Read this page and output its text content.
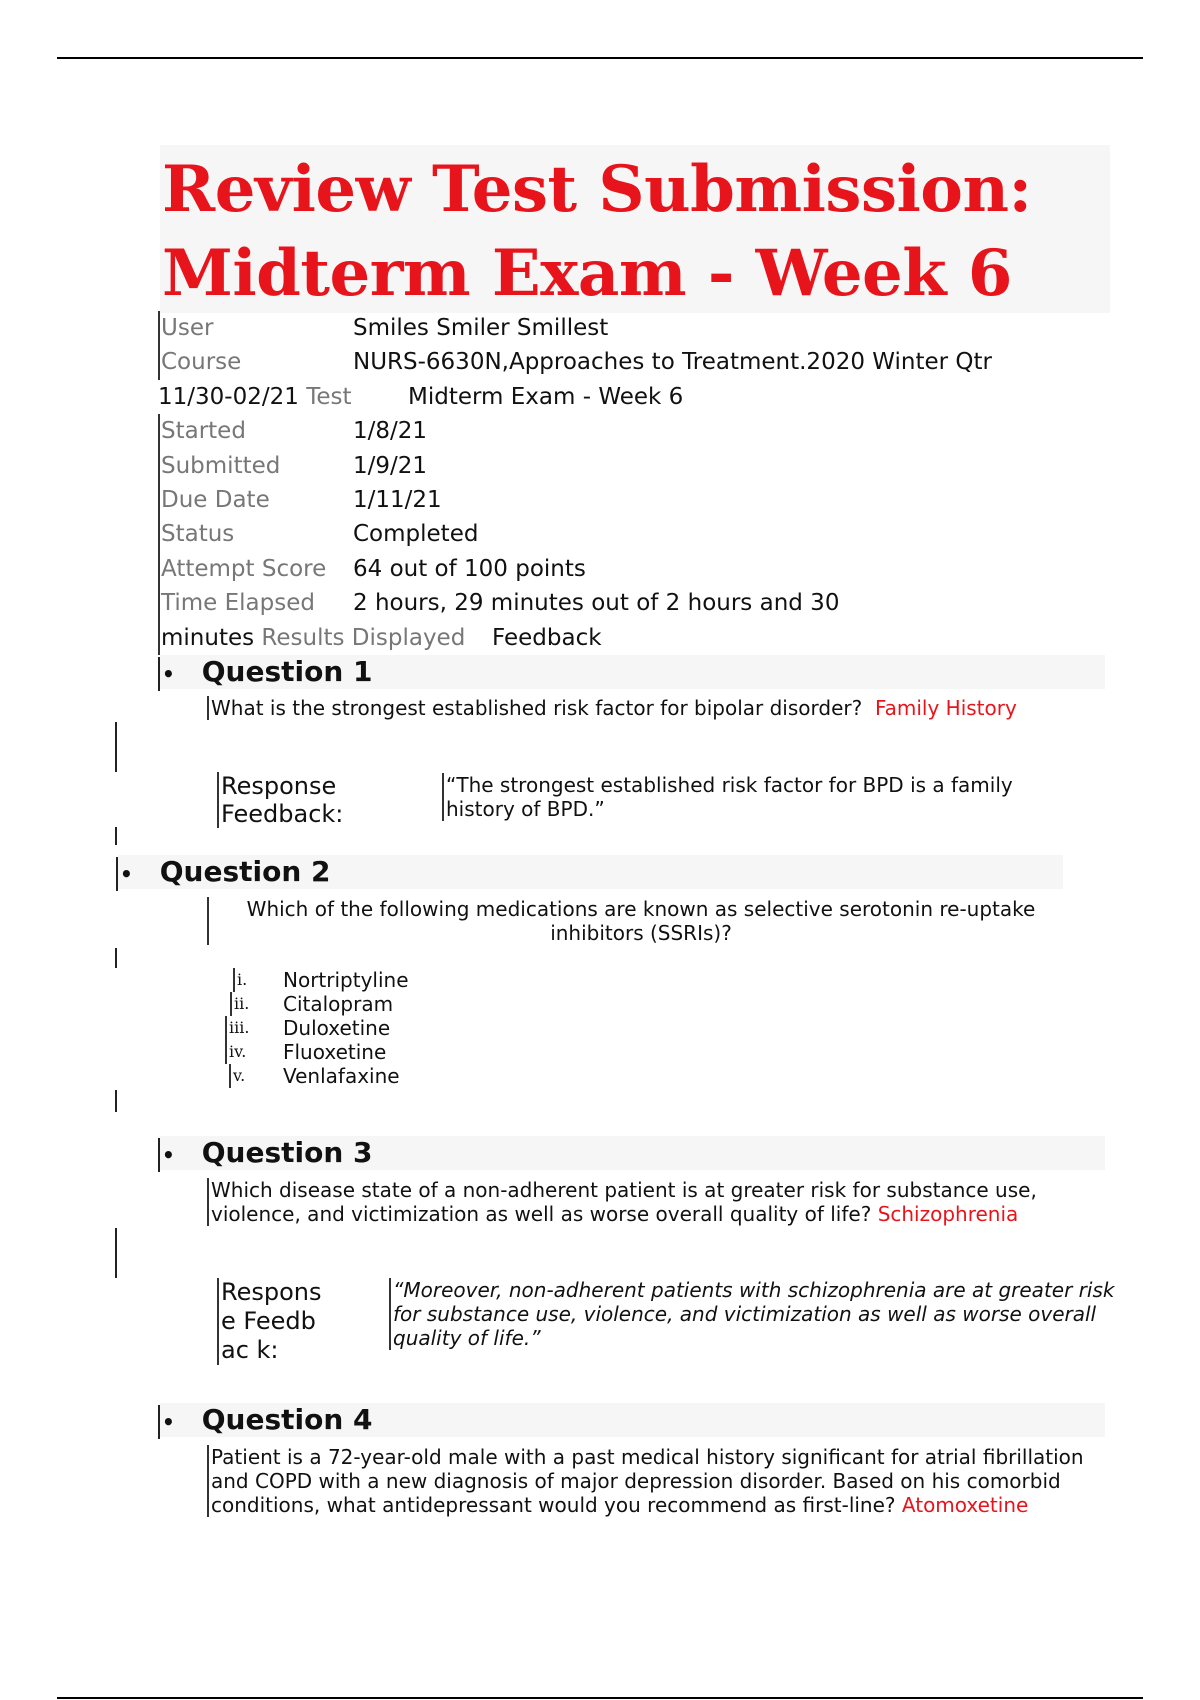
Review Test Submission:
Midterm Exam - Week 6
User	Smiles Smiler Smillest
Course	NURS-6630N,Approaches to Treatment.2020 Winter Qtr
11/30-02/21 Test Midterm Exam - Week 6
Started	1/8/21
Submitted	1/9/21
Due Date	1/11/21
Status	Completed
Attempt Score 64 out of 100 points
Time Elapsed 2 hours, 29 minutes out of 2 hours and 30
minutes Results Displayed Feedback
• Question 1
What is the strongest established risk factor for bipolar disorder? Family History
Response Feedback:
“The strongest established risk factor for BPD is a family history of BPD.”
• Question 2
Which of the following medications are known as selective serotonin re-uptake
inhibitors (SSRIs)?
i. Nortriptyline
ii. Citalopram
iii. Duloxetine
iv. Fluoxetine
v. Venlafaxine
• Question 3
Which disease state of a non-adherent patient is at greater risk for substance use, violence, and victimization as well as worse overall quality of life? Schizophrenia
Respons e Feedbac k:
“Moreover, non-adherent patients with schizophrenia are at greater risk for substance use, violence, and victimization as well as worse overall quality of life.”
• Question 4
Patient is a 72-year-old male with a past medical history significant for atrial fibrillation and COPD with a new diagnosis of major depression disorder. Based on his comorbid conditions, what antidepressant would you recommend as first-line? Atomoxetine
